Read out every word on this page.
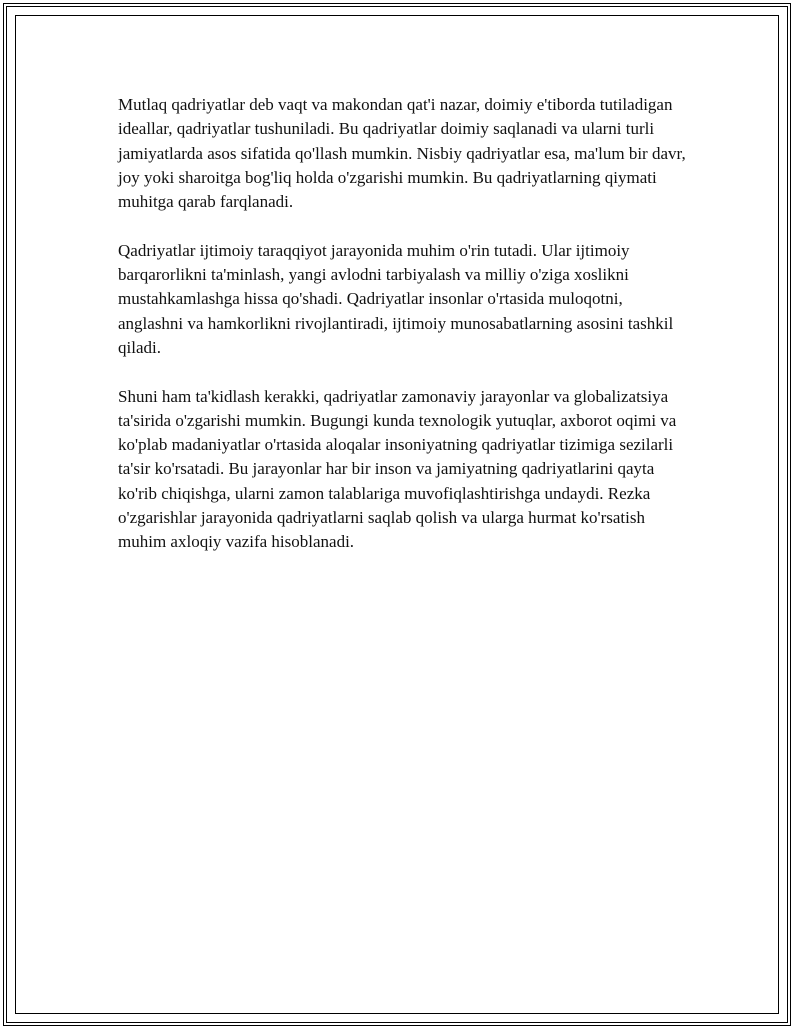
Mutlaq qadriyatlar deb vaqt va makondan qat'i nazar, doimiy e'tiborda tutiladigan ideallar, qadriyatlar tushuniladi. Bu qadriyatlar doimiy saqlanadi va ularni turli jamiyatlarda asos sifatida qo'llash mumkin. Nisbiy qadriyatlar esa, ma'lum bir davr, joy yoki sharoitga bog'liq holda o'zgarishi mumkin. Bu qadriyatlarning qiymati muhitga qarab farqlanadi.

Qadriyatlar ijtimoiy taraqqiyot jarayonida muhim o'rin tutadi. Ular ijtimoiy barqarorlikni ta'minlash, yangi avlodni tarbiyalash va milliy o'ziga xoslikni mustahkamlashga hissa qo'shadi. Qadriyatlar insonlar o'rtasida muloqotni, anglashni va hamkorlikni rivojlantiradi, ijtimoiy munosabatlarning asosini tashkil qiladi.

Shuni ham ta'kidlash kerakki, qadriyatlar zamonaviy jarayonlar va globalizatsiya ta'sirida o'zgarishi mumkin. Bugungi kunda texnologik yutuqlar, axborot oqimi va ko'plab madaniyatlar o'rtasida aloqalar insoniyatning qadriyatlar tizimiga sezilarli ta'sir ko'rsatadi. Bu jarayonlar har bir inson va jamiyatning qadriyatlarini qayta ko'rib chiqishga, ularni zamon talablariga muvofiqlashtirishga undaydi. Rezka o'zgarishlar jarayonida qadriyatlarni saqlab qolish va ularga hurmat ko'rsatish muhim axloqiy vazifa hisoblanadi.
